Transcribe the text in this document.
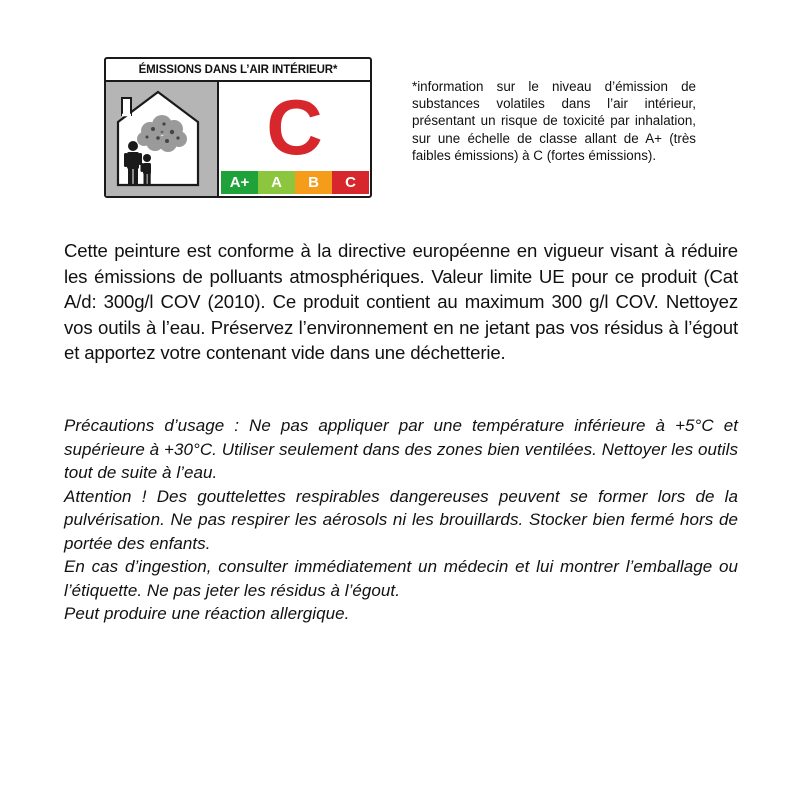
ÉMISSIONS DANS L’AIR INTÉRIEUR*
C
A+	A	B	C
*information sur le niveau d’émission de substances volatiles dans l’air intérieur, présentant un risque de toxicité par inhalation, sur une échelle de classe allant de A+ (très faibles émissions) à C (fortes émissions).
Cette peinture est conforme à la directive européenne en vigueur visant à réduire les émissions de polluants atmosphériques. Valeur limite UE pour ce produit (Cat A/d: 300g/l COV (2010). Ce produit contient au maximum 300 g/l COV. Nettoyez vos outils à l’eau. Préservez l’environnement en ne jetant pas vos résidus à l’égout et apportez votre contenant vide dans une déchetterie.

Précautions d’usage : Ne pas appliquer par une température inférieure à +5°C et supérieure à +30°C. Utiliser seulement dans des zones bien ventilées. Nettoyer les outils tout de suite à l’eau.

Attention ! Des gouttelettes respirables dangereuses peuvent se former lors de la pulvérisation. Ne pas respirer les aérosols ni les brouillards. Stocker bien fermé hors de portée des enfants.

En cas d’ingestion, consulter immédiatement un médecin et lui montrer l’emballage ou l’étiquette. Ne pas jeter les résidus à l’égout.

Peut produire une réaction allergique.
